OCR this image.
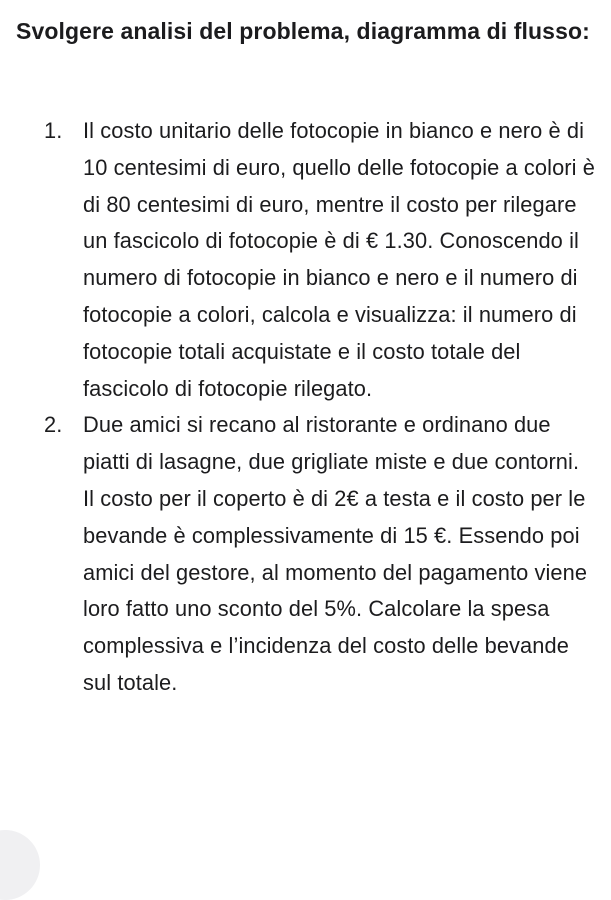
Svolgere analisi del problema, diagramma di flusso:
1. Il costo unitario delle fotocopie in bianco e nero è di 10 centesimi di euro, quello delle fotocopie a colori è di 80 centesimi di euro, mentre il costo per rilegare un fascicolo di fotocopie è di € 1.30. Conoscendo il numero di fotocopie in bianco e nero e il numero di fotocopie a colori, calcola e visualizza: il numero di fotocopie totali acquistate e il costo totale del fascicolo di fotocopie rilegato.
2. Due amici si recano al ristorante e ordinano due piatti di lasagne, due grigliate miste e due contorni. Il costo per il coperto è di 2€ a testa e il costo per le bevande è complessivamente di 15 €. Essendo poi amici del gestore, al momento del pagamento viene loro fatto uno sconto del 5%. Calcolare la spesa complessiva e l’incidenza del costo delle bevande sul totale.
